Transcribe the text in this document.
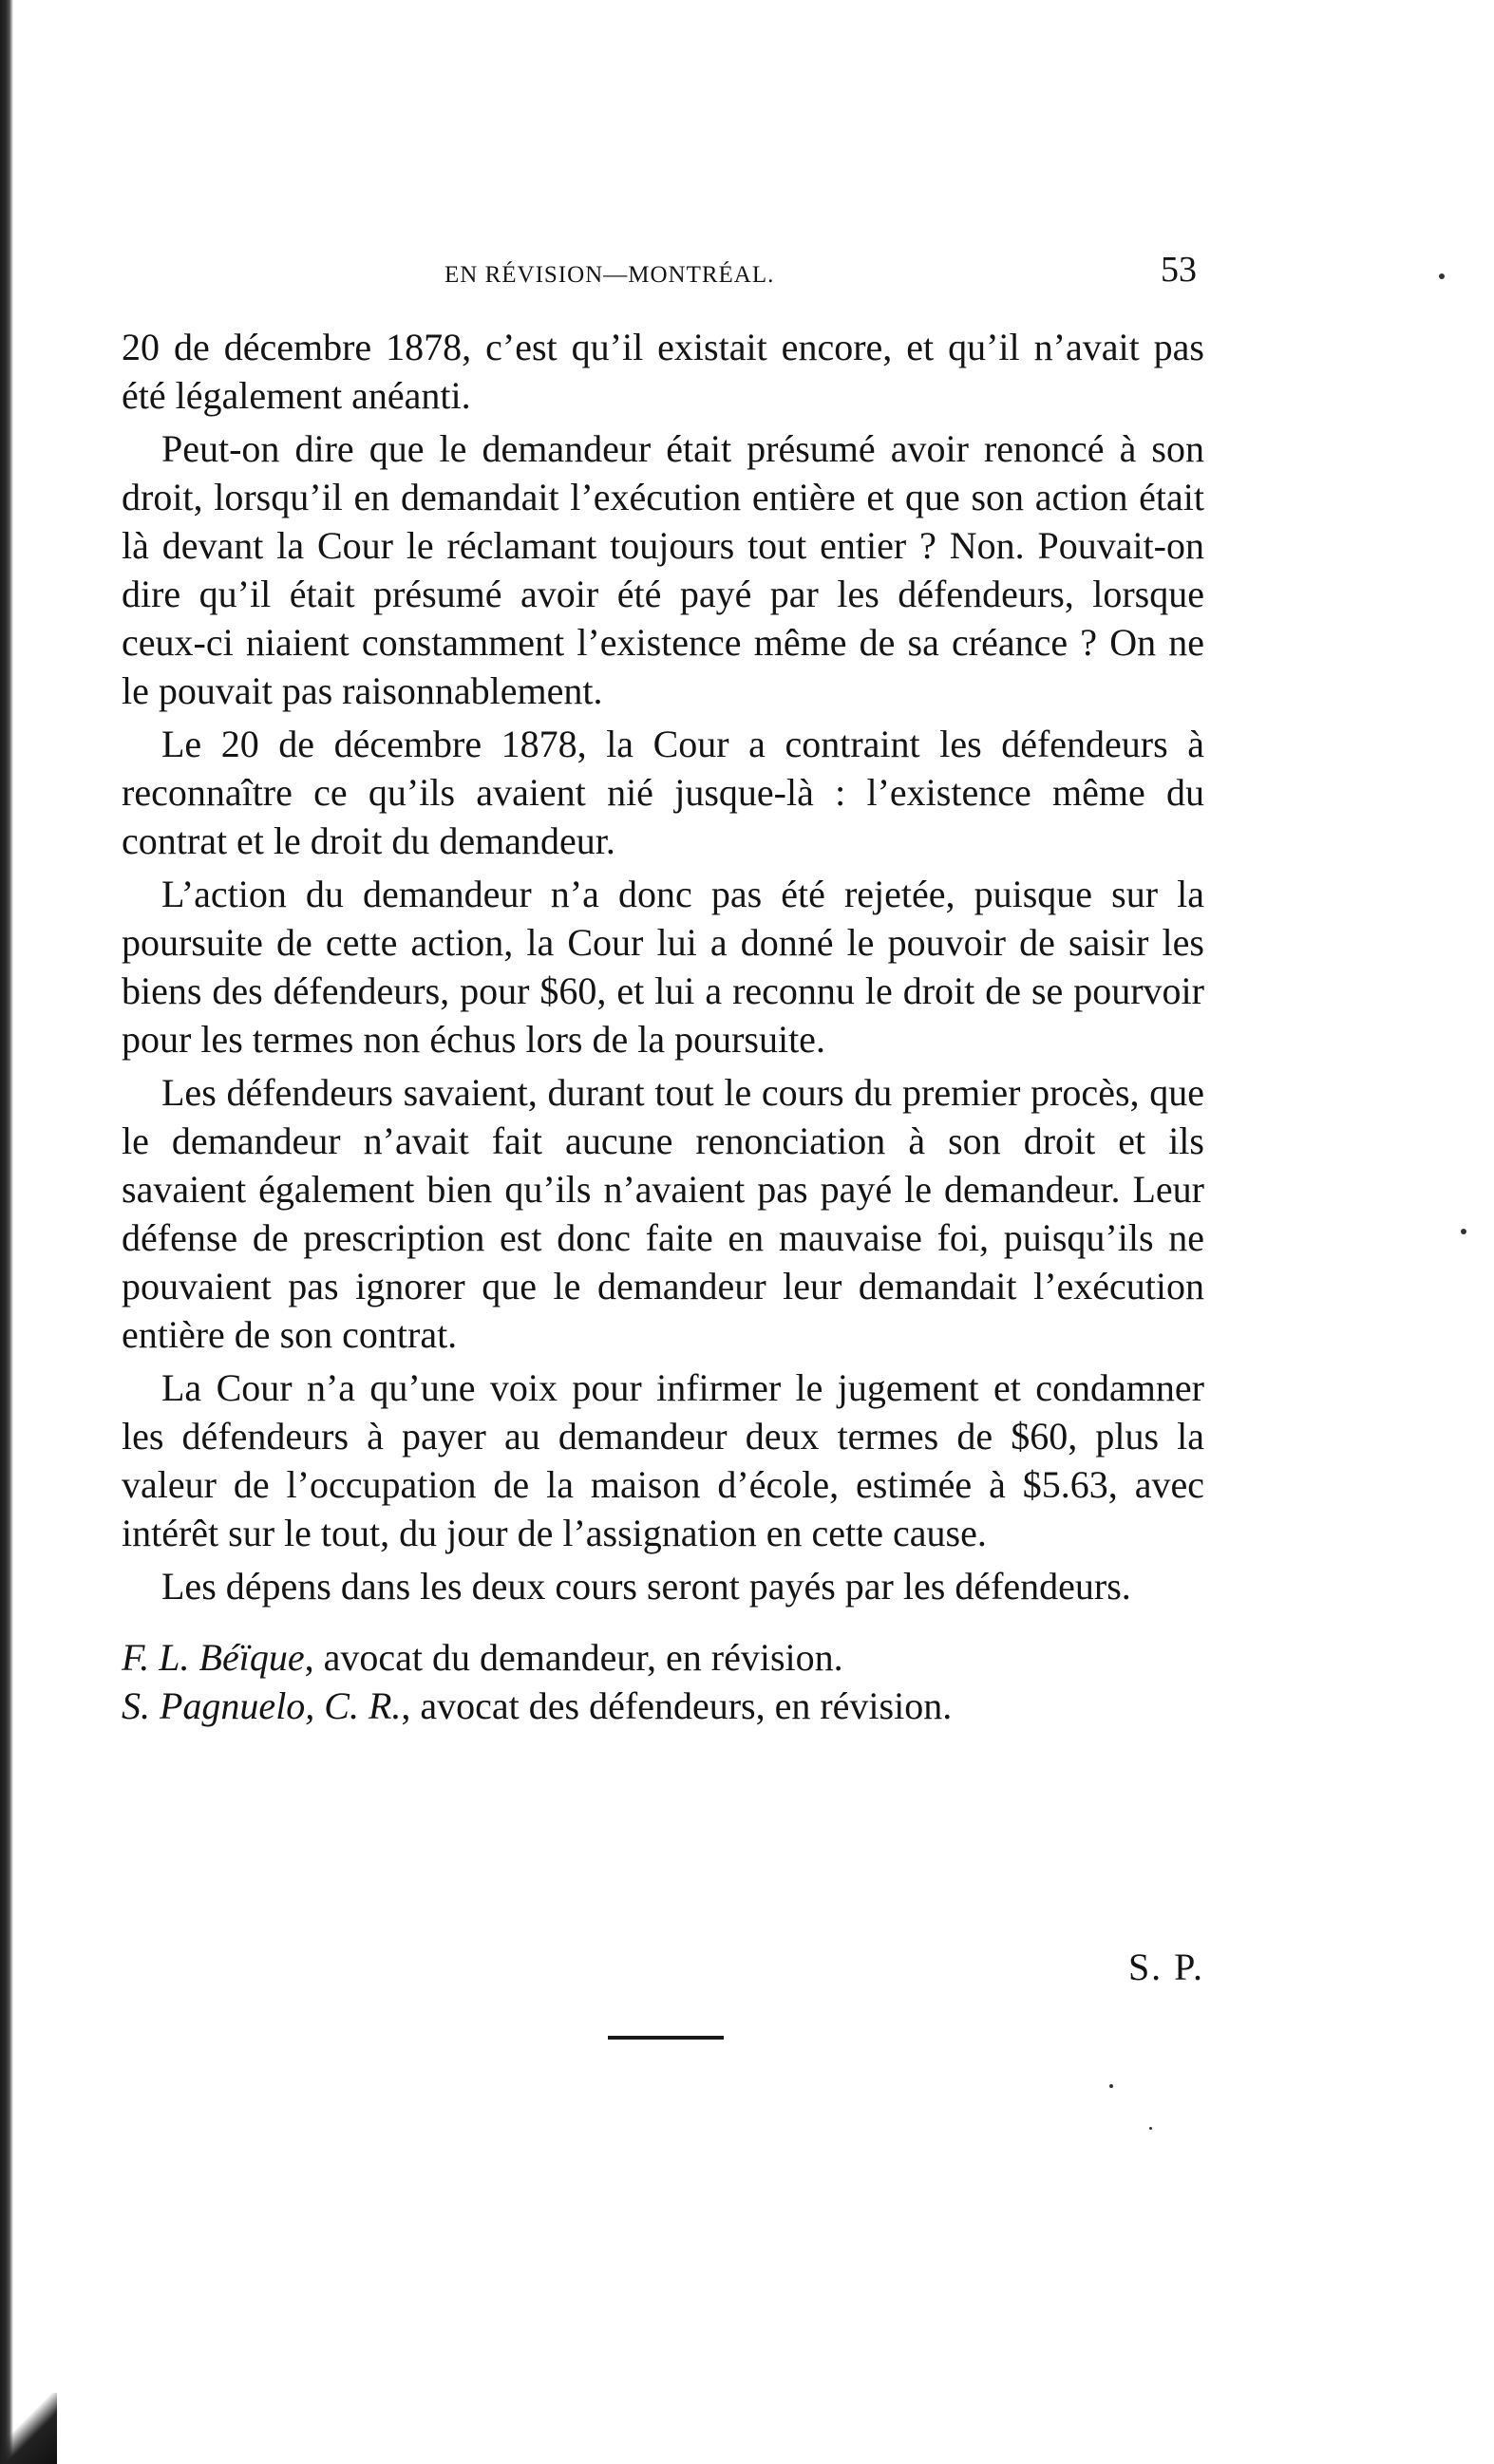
EN RÉVISION—MONTRÉAL.	53

20 de décembre 1878, c’est qu’il existait encore, et qu’il n’avait pas été légalement anéanti.

Peut-on dire que le demandeur était présumé avoir renoncé à son droit, lorsqu’il en demandait l’exécution entière et que son action était là devant la Cour le réclamant toujours tout entier ? Non. Pouvait-on dire qu’il était présumé avoir été payé par les défendeurs, lorsque ceux-ci niaient constamment l’existence même de sa créance ? On ne le pouvait pas raisonnablement.

Le 20 de décembre 1878, la Cour a contraint les défendeurs à reconnaître ce qu’ils avaient nié jusque-là : l’existence même du contrat et le droit du demandeur.

L’action du demandeur n’a donc pas été rejetée, puisque sur la poursuite de cette action, la Cour lui a donné le pouvoir de saisir les biens des défendeurs, pour $60, et lui a reconnu le droit de se pourvoir pour les termes non échus lors de la poursuite.

Les défendeurs savaient, durant tout le cours du premier procès, que le demandeur n’avait fait aucune renonciation à son droit et ils savaient également bien qu’ils n’avaient pas payé le demandeur. Leur défense de prescription est donc faite en mauvaise foi, puisqu’ils ne pouvaient pas ignorer que le demandeur leur demandait l’exécution entière de son contrat.

La Cour n’a qu’une voix pour infirmer le jugement et condamner les défendeurs à payer au demandeur deux termes de $60, plus la valeur de l’occupation de la maison d’école, estimée à $5.63, avec intérêt sur le tout, du jour de l’assignation en cette cause.

Les dépens dans les deux cours seront payés par les défendeurs.

F. L. Béïque, avocat du demandeur, en révision.

S. Pagnuelo, C. R., avocat des défendeurs, en révision.

S. P.
